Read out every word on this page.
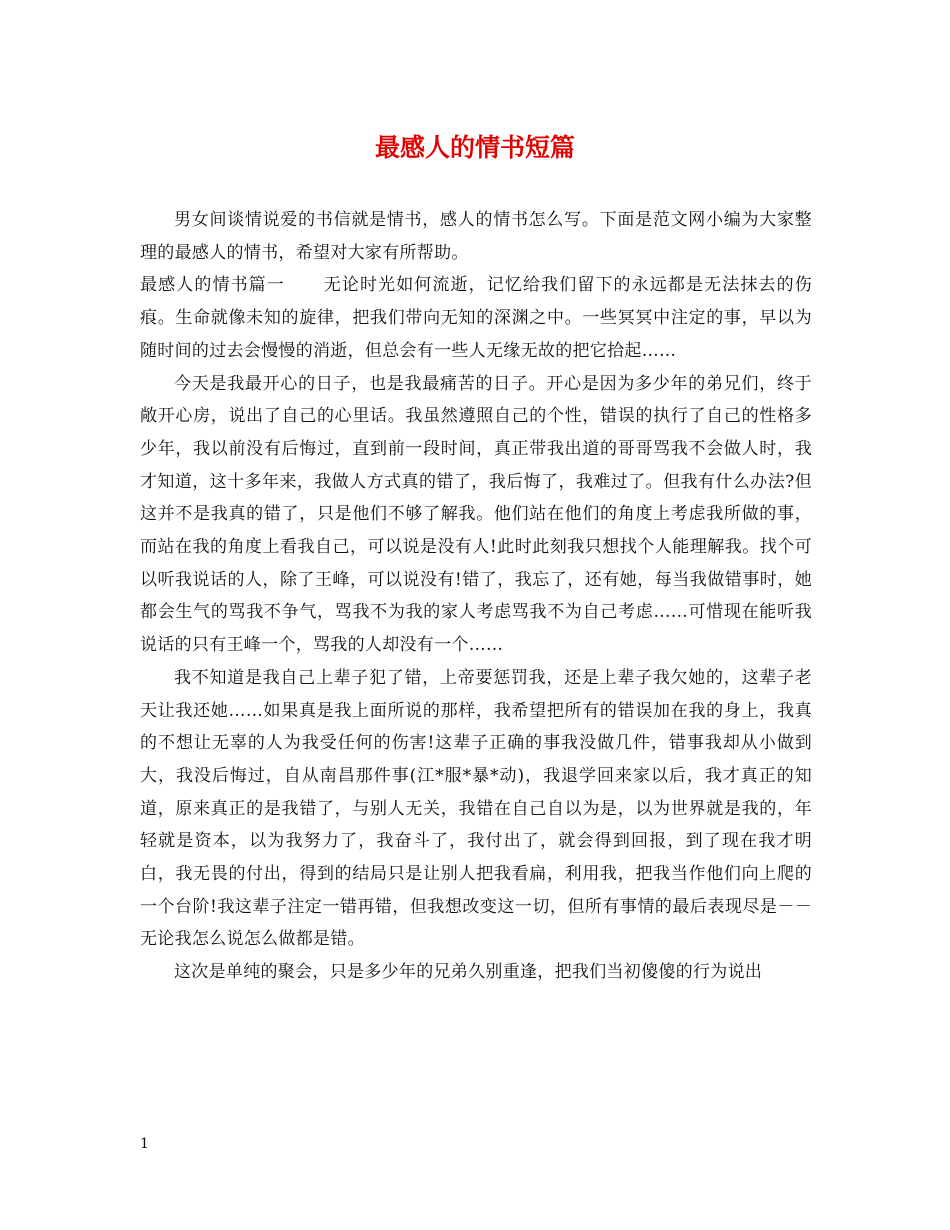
最感人的情书短篇

男女间谈情说爱的书信就是情书，感人的情书怎么写。下面是范文网小编为大家整理的最感人的情书，希望对大家有所帮助。

最感人的情书篇一 无论时光如何流逝，记忆给我们留下的永远都是无法抹去的伤痕。生命就像未知的旋律，把我们带向无知的深渊之中。一些冥冥中注定的事，早以为随时间的过去会慢慢的消逝，但总会有一些人无缘无故的把它拾起……

今天是我最开心的日子，也是我最痛苦的日子。开心是因为多少年的弟兄们，终于敞开心房，说出了自己的心里话。我虽然遵照自己的个性，错误的执行了自己的性格多少年，我以前没有后悔过，直到前一段时间，真正带我出道的哥哥骂我不会做人时，我才知道，这十多年来，我做人方式真的错了，我后悔了，我难过了。但我有什么办法?但这并不是我真的错了，只是他们不够了解我。他们站在他们的角度上考虑我所做的事，而站在我的角度上看我自己，可以说是没有人!此时此刻我只想找个人能理解我。找个可以听我说话的人，除了王峰，可以说没有!错了，我忘了，还有她，每当我做错事时，她都会生气的骂我不争气，骂我不为我的家人考虑骂我不为自己考虑……可惜现在能听我说话的只有王峰一个，骂我的人却没有一个……

我不知道是我自己上辈子犯了错，上帝要惩罚我，还是上辈子我欠她的，这辈子老天让我还她……如果真是我上面所说的那样，我希望把所有的错误加在我的身上，我真的不想让无辜的人为我受任何的伤害!这辈子正确的事我没做几件，错事我却从小做到大，我没后悔过，自从南昌那件事(江*服*暴*动)，我退学回来家以后，我才真正的知道，原来真正的是我错了，与别人无关，我错在自己自以为是，以为世界就是我的，年轻就是资本，以为我努力了，我奋斗了，我付出了，就会得到回报，到了现在我才明白，我无畏的付出，得到的结局只是让别人把我看扁，利用我，把我当作他们向上爬的一个台阶!我这辈子注定一错再错，但我想改变这一切，但所有事情的最后表现尽是－－无论我怎么说怎么做都是错。

这次是单纯的聚会，只是多少年的兄弟久别重逢，把我们当初傻傻的行为说出

1
